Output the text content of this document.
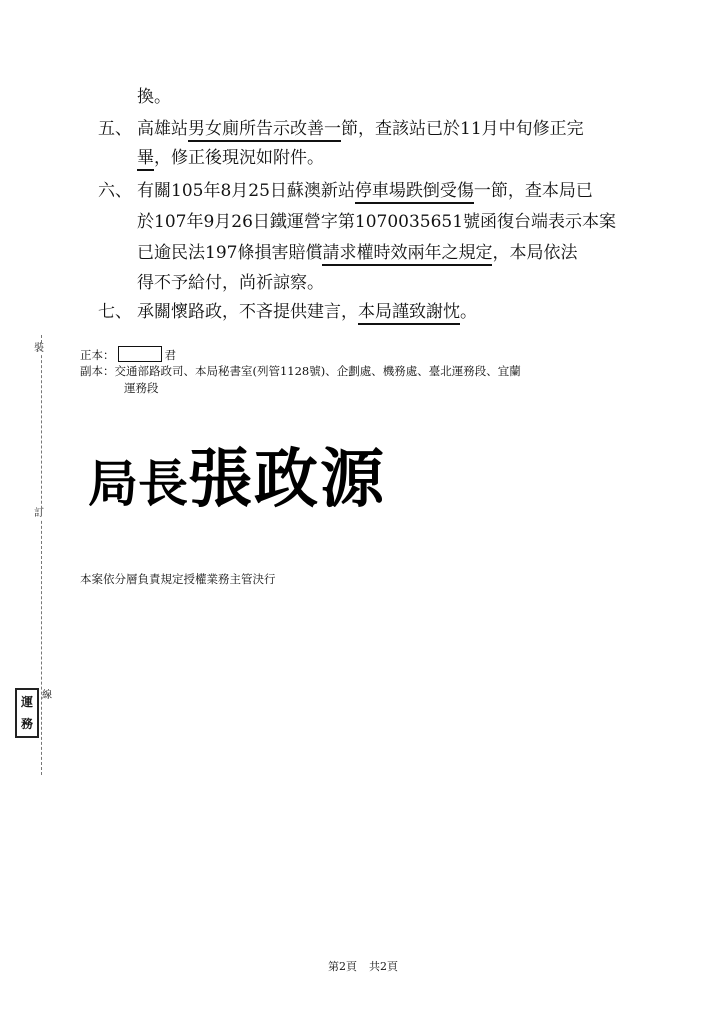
裝
訂
線
運
務
換。
五、 高雄站男女廁所告示改善一節，查該站已於11月中旬修正完
畢，修正後現況如附件。
六、 有關105年8月25日蘇澳新站停車場跌倒受傷一節，查本局已
於107年9月26日鐵運營字第1070035651號函復台端表示本案
已逾民法197條損害賠償請求權時效兩年之規定，本局依法
得不予給付，尚祈諒察。
七、 承關懷路政，不吝提供建言，本局謹致謝忱。
正本：	君
副本：交通部路政司、本局秘書室(列管1128號)、企劃處、機務處、臺北運務段、宜蘭
運務段
局長張政源
本案依分層負責規定授權業務主管決行
第2頁 共2頁
